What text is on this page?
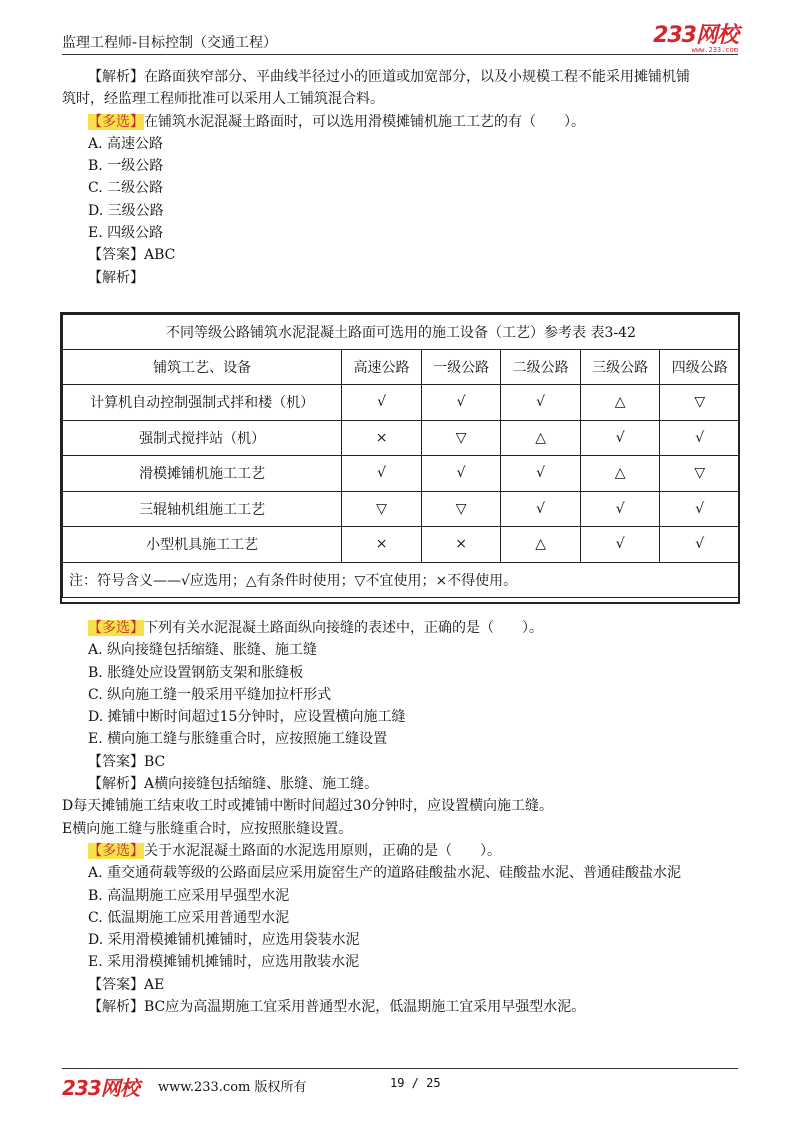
监理工程师-目标控制（交通工程）	233网校
www.233.com
【解析】在路面狭窄部分、平曲线半径过小的匝道或加宽部分，以及小规模工程不能采用摊铺机铺
筑时，经监理工程师批准可以采用人工铺筑混合料。
【多选】在铺筑水泥混凝土路面时，可以选用滑模摊铺机施工工艺的有（　　）。
A. 高速公路
B. 一级公路
C. 二级公路
D. 三级公路
E. 四级公路
【答案】ABC
【解析】
不同等级公路铺筑水泥混凝土路面可选用的施工设备（工艺）参考表 表3-42					
铺筑工艺、设备	高速公路	一级公路	二级公路	三级公路	四级公路
计算机自动控制强制式拌和楼（机）	√	√	√	△	▽
强制式搅拌站（机）	×	▽	△	√	√
滑模摊铺机施工工艺	√	√	√	△	▽
三辊轴机组施工工艺	▽	▽	√	√	√
小型机具施工工艺	×	×	△	√	√
注：符号含义——√应选用；△有条件时使用；▽不宜使用；×不得使用。					
【多选】下列有关水泥混凝土路面纵向接缝的表述中，正确的是（　　）。
A. 纵向接缝包括缩缝、胀缝、施工缝
B. 胀缝处应设置钢筋支架和胀缝板
C. 纵向施工缝一般采用平缝加拉杆形式
D. 摊铺中断时间超过15分钟时，应设置横向施工缝
E. 横向施工缝与胀缝重合时，应按照施工缝设置
【答案】BC
【解析】A横向接缝包括缩缝、胀缝、施工缝。
D每天摊铺施工结束收工时或摊铺中断时间超过30分钟时，应设置横向施工缝。
E横向施工缝与胀缝重合时，应按照胀缝设置。
【多选】关于水泥混凝土路面的水泥选用原则，正确的是（　　）。
A. 重交通荷载等级的公路面层应采用旋窑生产的道路硅酸盐水泥、硅酸盐水泥、普通硅酸盐水泥
B. 高温期施工应采用早强型水泥
C. 低温期施工应采用普通型水泥
D. 采用滑模摊铺机摊铺时，应选用袋装水泥
E. 采用滑模摊铺机摊铺时，应选用散装水泥
【答案】AE
【解析】BC应为高温期施工宜采用普通型水泥，低温期施工宜采用早强型水泥。
233网校 www.233.com 版权所有	19 / 25
